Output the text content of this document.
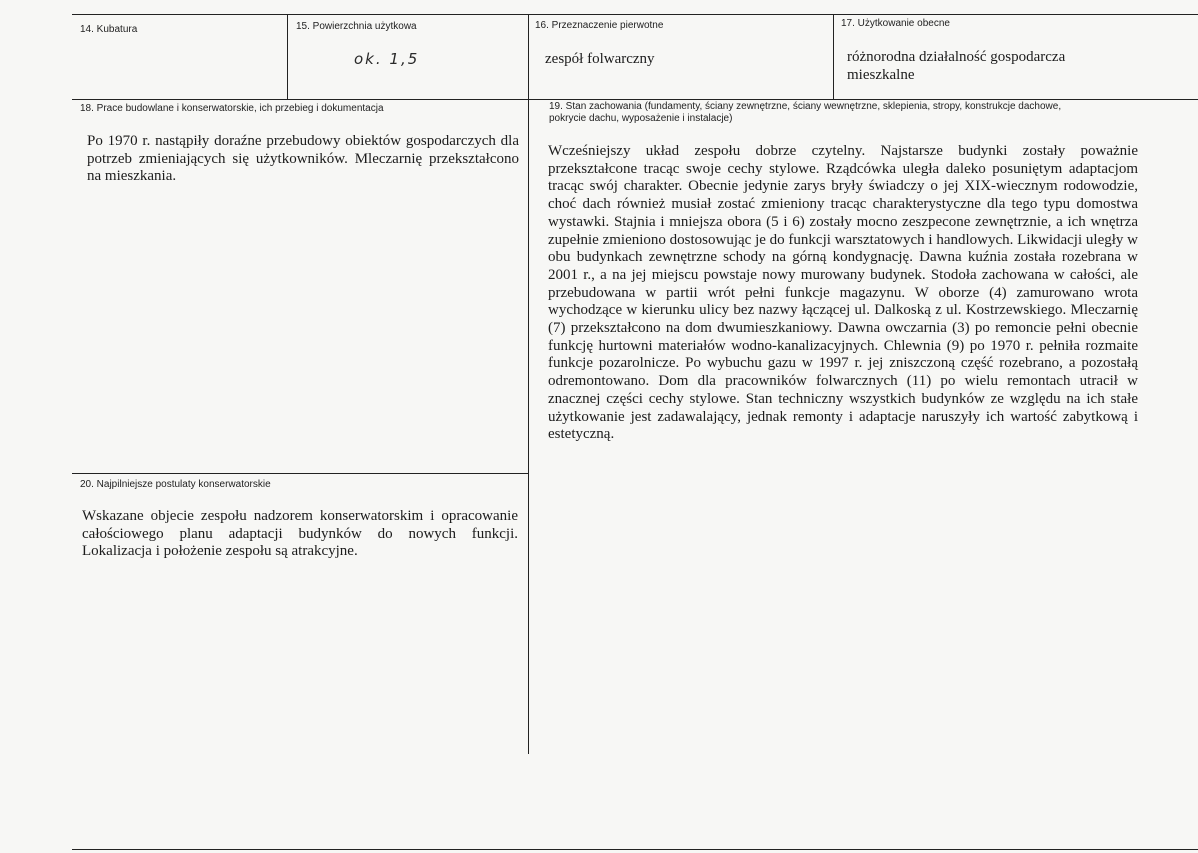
14. Kubatura	15. Powierzchnia użytkowa
ok. 1,5
16. Przeznaczenie pierwotne
zespół folwarczny
17. Użytkowanie obecne
różnorodna działalność gospodarcza
mieszkalne
18. Prace budowlane i konserwatorskie, ich przebieg i dokumentacja
Po 1970 r. nastąpiły doraźne przebudowy obiektów gospodarczych dla potrzeb zmieniających się użytkowników. Mleczarnię przekształcono na mieszkania.
19. Stan zachowania (fundamenty, ściany zewnętrzne, ściany wewnętrzne, sklepienia, stropy, konstrukcje dachowe,
pokrycie dachu, wyposażenie i instalacje)
Wcześniejszy układ zespołu dobrze czytelny. Najstarsze budynki zostały poważnie przekształcone tracąc swoje cechy stylowe. Rządcówka uległa daleko posuniętym adaptacjom tracąc swój charakter. Obecnie jedynie zarys bryły świadczy o jej XIX-wiecznym rodowodzie, choć dach również musiał zostać zmieniony tracąc charakterystyczne dla tego typu domostwa wystawki. Stajnia i mniejsza obora (5 i 6) zostały mocno zeszpecone zewnętrznie, a ich wnętrza zupełnie zmieniono dostosowując je do funkcji warsztatowych i handlowych. Likwidacji uległy w obu budynkach zewnętrzne schody na górną kondygnację. Dawna kuźnia została rozebrana w 2001 r., a na jej miejscu powstaje nowy murowany budynek. Stodoła zachowana w całości, ale przebudowana w partii wrót pełni funkcje magazynu. W oborze (4) zamurowano wrota wychodzące w kierunku ulicy bez nazwy łączącej ul. Dalkoską z ul. Kostrzewskiego. Mleczarnię (7) przekształcono na dom dwumieszkaniowy. Dawna owczarnia (3) po remoncie pełni obecnie funkcję hurtowni materiałów wodno-kanalizacyjnych. Chlewnia (9) po 1970 r. pełniła rozmaite funkcje pozarolnicze. Po wybuchu gazu w 1997 r. jej zniszczoną część rozebrano, a pozostałą odremontowano. Dom dla pracowników folwarcznych (11) po wielu remontach utracił w znacznej części cechy stylowe. Stan techniczny wszystkich budynków ze względu na ich stałe użytkowanie jest zadawalający, jednak remonty i adaptacje naruszyły ich wartość zabytkową i estetyczną.
20. Najpilniejsze postulaty konserwatorskie
Wskazane objecie zespołu nadzorem konserwatorskim i opracowanie całościowego planu adaptacji budynków do nowych funkcji. Lokalizacja i położenie zespołu są atrakcyjne.
